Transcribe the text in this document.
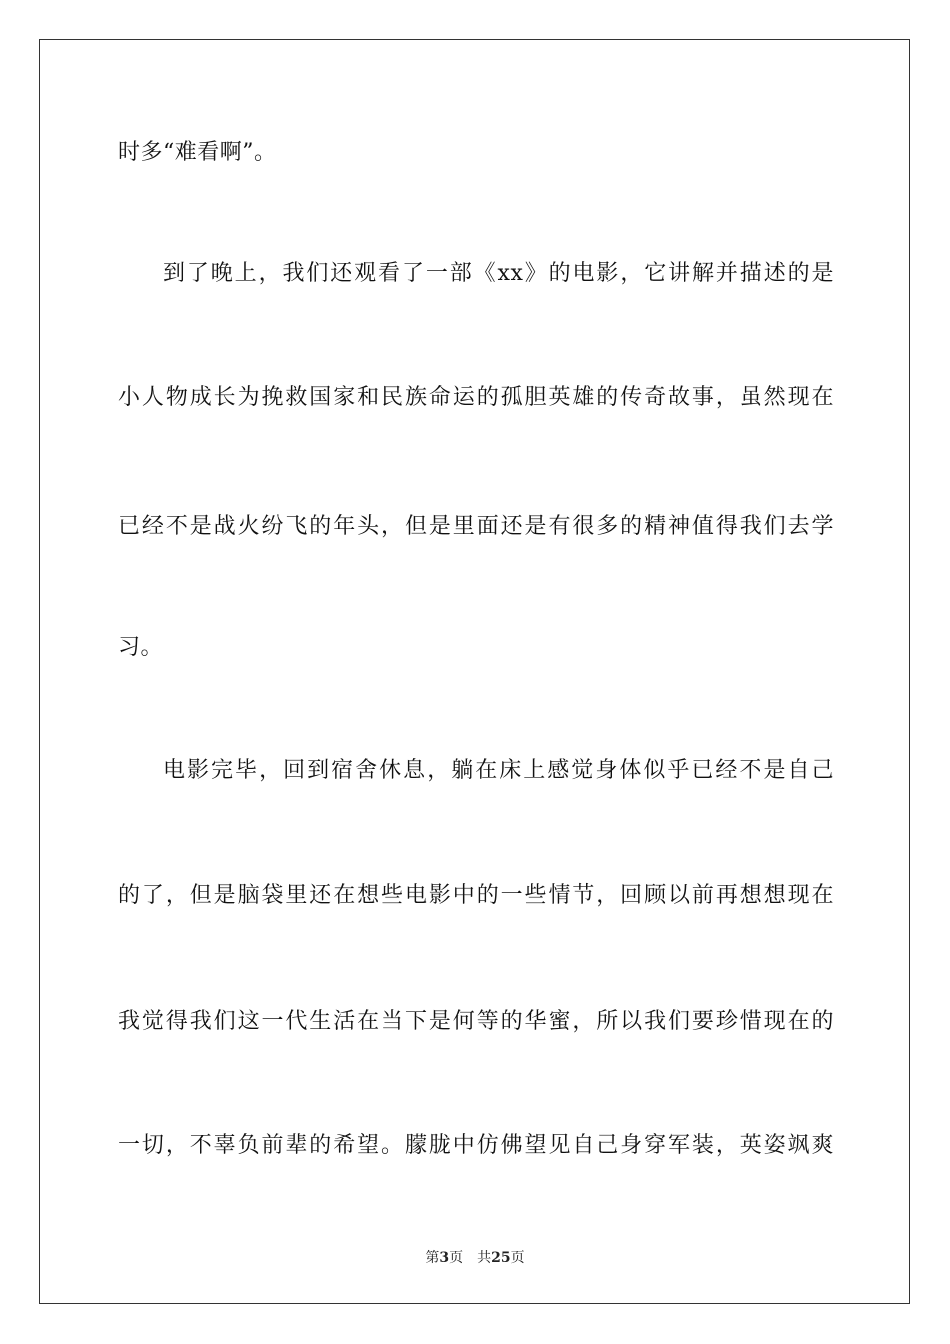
时多“难看啊”。
到了晚上，我们还观看了一部《xx》的电影，它讲解并描述的是
小人物成长为挽救国家和民族命运的孤胆英雄的传奇故事，虽然现在
已经不是战火纷飞的年头，但是里面还是有很多的精神值得我们去学
习。
电影完毕，回到宿舍休息，躺在床上感觉身体似乎已经不是自己
的了，但是脑袋里还在想些电影中的一些情节，回顾以前再想想现在
我觉得我们这一代生活在当下是何等的华蜜，所以我们要珍惜现在的
一切，不辜负前辈的希望。朦胧中仿佛望见自己身穿军装，英姿飒爽
第3页 共25页
